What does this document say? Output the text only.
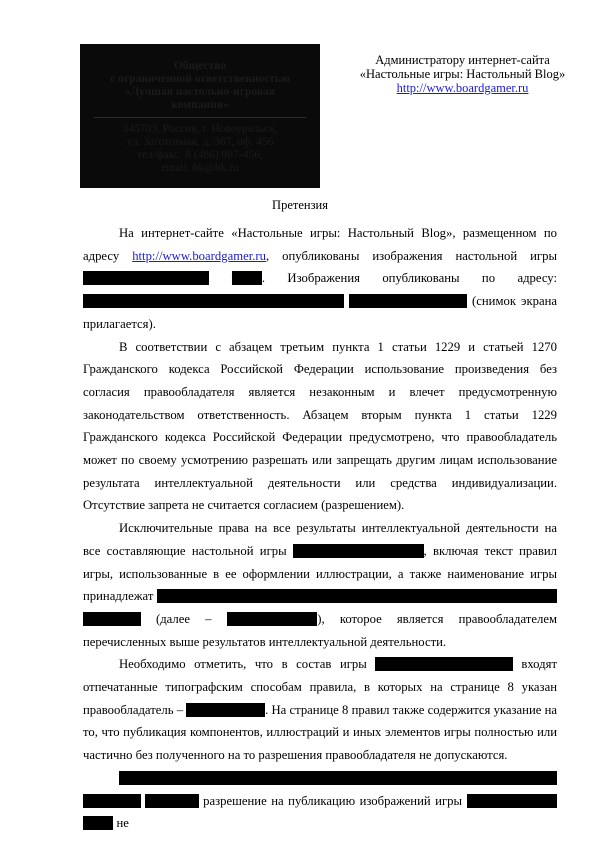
Общество
с ограниченной ответственностью
«Лучшая настольно-игровая
компания»
345703, Россия, г. Новоуральск,
ул. Заготовная, д. 387, оф. 456
тел/факс: 8 (486) 987-456,
email: bk@bk.ru
Администратору интернет-сайта
«Настольные игры: Настольный Blog»
http://www.boardgamer.ru
Претензия

На интернет-сайте «Настольные игры: Настольный Blog», размещенном по адресу http://www.boardgamer.ru, опубликованы изображения настольной игры «Лучшая в мире игра». Изображения опубликованы по адресу: http://www.boardgamer.ru/lucshaya-v-mire-igra-84 screenshot-image-2014 (снимок экрана прилагается).

В соответствии с абзацем третьим пункта 1 статьи 1229 и статьей 1270 Гражданского кодекса Российской Федерации использование произведения без согласия правообладателя является незаконным и влечет предусмотренную законодательством ответственность. Абзацем вторым пункта 1 статьи 1229 Гражданского кодекса Российской Федерации предусмотрено, что правообладатель может по своему усмотрению разрешать или запрещать другим лицам использование результата интеллектуальной деятельности или средства индивидуализации. Отсутствие запрета не считается согласием (разрешением).

Исключительные права на все результаты интеллектуальной деятельности на все составляющие настольной игры «Лучшая в мире игра», включая текст правил игры, использованные в ее оформлении иллюстрации, а также наименование игры принадлежат Обществу с ограниченной ответственностью «Лучшая настольно-игровая компания» (далее – ООО «ЛНИК»), которое является правообладателем перечисленных выше результатов интеллектуальной деятельности.

Необходимо отметить, что в состав игры «Лучшая в мире игра» входят отпечатанные типографским способам правила, в которых на странице 8 указан правообладатель – ООО «ЛНИК». На странице 8 правил также содержится указание на то, что публикация компонентов, иллюстраций и иных элементов игры полностью или частично без полученного на то разрешения правообладателя не допускаются.

Общество с ограниченной ответственностью «Лучшая настольно-игровая компания» не давало разрешение на публикацию изображений игры «Лучшая в мире игра» не
